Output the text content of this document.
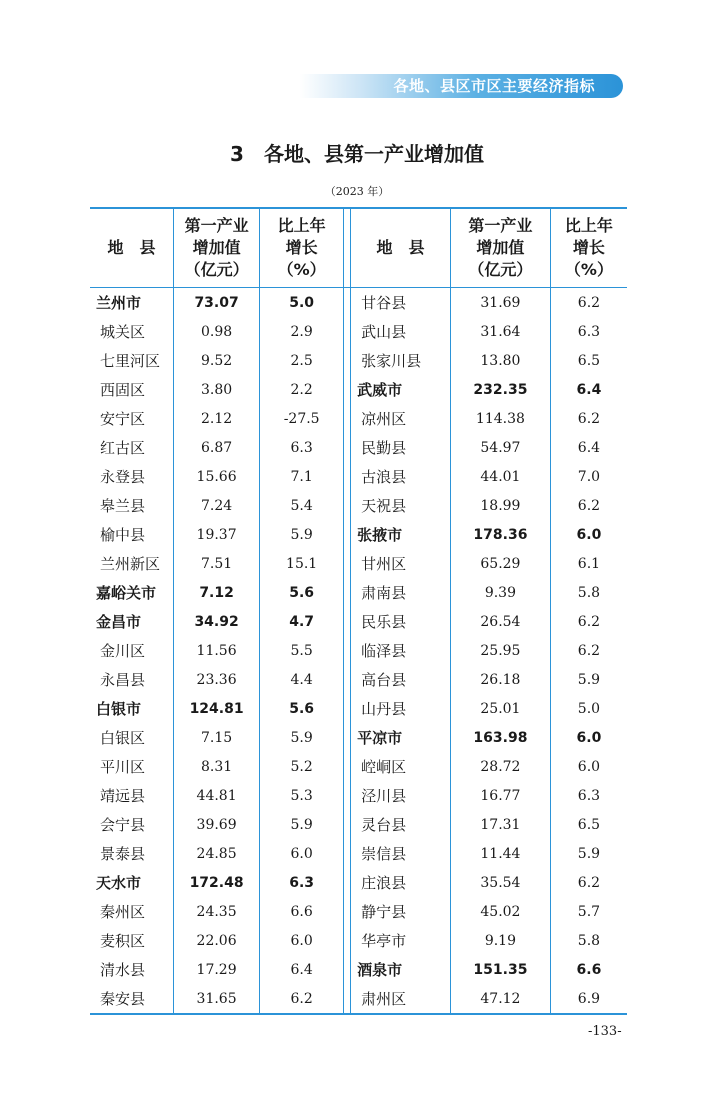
各地、县区市区主要经济指标
3　各地、县第一产业增加值
（2023 年）
地　县
第一产业
增加值
（亿元）
比上年
增长
（%）
地　县
第一产业
增加值
（亿元）
比上年
增长
（%）
兰州市
城关区
七里河区
西固区
安宁区
红古区
永登县
皋兰县
榆中县
兰州新区
嘉峪关市
金昌市
金川区
永昌县
白银市
白银区
平川区
靖远县
会宁县
景泰县
天水市
秦州区
麦积区
清水县
秦安县
73.07
0.98
9.52
3.80
2.12
6.87
15.66
7.24
19.37
7.51
7.12
34.92
11.56
23.36
124.81
7.15
8.31
44.81
39.69
24.85
172.48
24.35
22.06
17.29
31.65
5.0
2.9
2.5
2.2
-27.5
6.3
7.1
5.4
5.9
15.1
5.6
4.7
5.5
4.4
5.6
5.9
5.2
5.3
5.9
6.0
6.3
6.6
6.0
6.4
6.2
甘谷县
武山县
张家川县
武威市
凉州区
民勤县
古浪县
天祝县
张掖市
甘州区
肃南县
民乐县
临泽县
高台县
山丹县
平凉市
崆峒区
泾川县
灵台县
崇信县
庄浪县
静宁县
华亭市
酒泉市
肃州区
31.69
31.64
13.80
232.35
114.38
54.97
44.01
18.99
178.36
65.29
9.39
26.54
25.95
26.18
25.01
163.98
28.72
16.77
17.31
11.44
35.54
45.02
9.19
151.35
47.12
6.2
6.3
6.5
6.4
6.2
6.4
7.0
6.2
6.0
6.1
5.8
6.2
6.2
5.9
5.0
6.0
6.0
6.3
6.5
5.9
6.2
5.7
5.8
6.6
6.9
-133-
